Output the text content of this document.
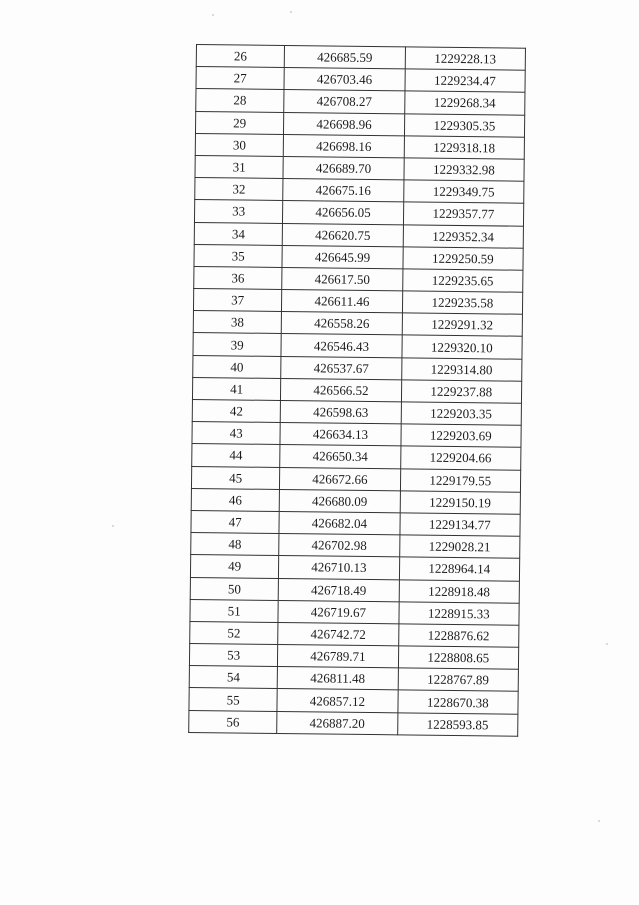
26	426685.59	1229228.13
27	426703.46	1229234.47
28	426708.27	1229268.34
29	426698.96	1229305.35
30	426698.16	1229318.18
31	426689.70	1229332.98
32	426675.16	1229349.75
33	426656.05	1229357.77
34	426620.75	1229352.34
35	426645.99	1229250.59
36	426617.50	1229235.65
37	426611.46	1229235.58
38	426558.26	1229291.32
39	426546.43	1229320.10
40	426537.67	1229314.80
41	426566.52	1229237.88
42	426598.63	1229203.35
43	426634.13	1229203.69
44	426650.34	1229204.66
45	426672.66	1229179.55
46	426680.09	1229150.19
47	426682.04	1229134.77
48	426702.98	1229028.21
49	426710.13	1228964.14
50	426718.49	1228918.48
51	426719.67	1228915.33
52	426742.72	1228876.62
53	426789.71	1228808.65
54	426811.48	1228767.89
55	426857.12	1228670.38
56	426887.20	1228593.85
